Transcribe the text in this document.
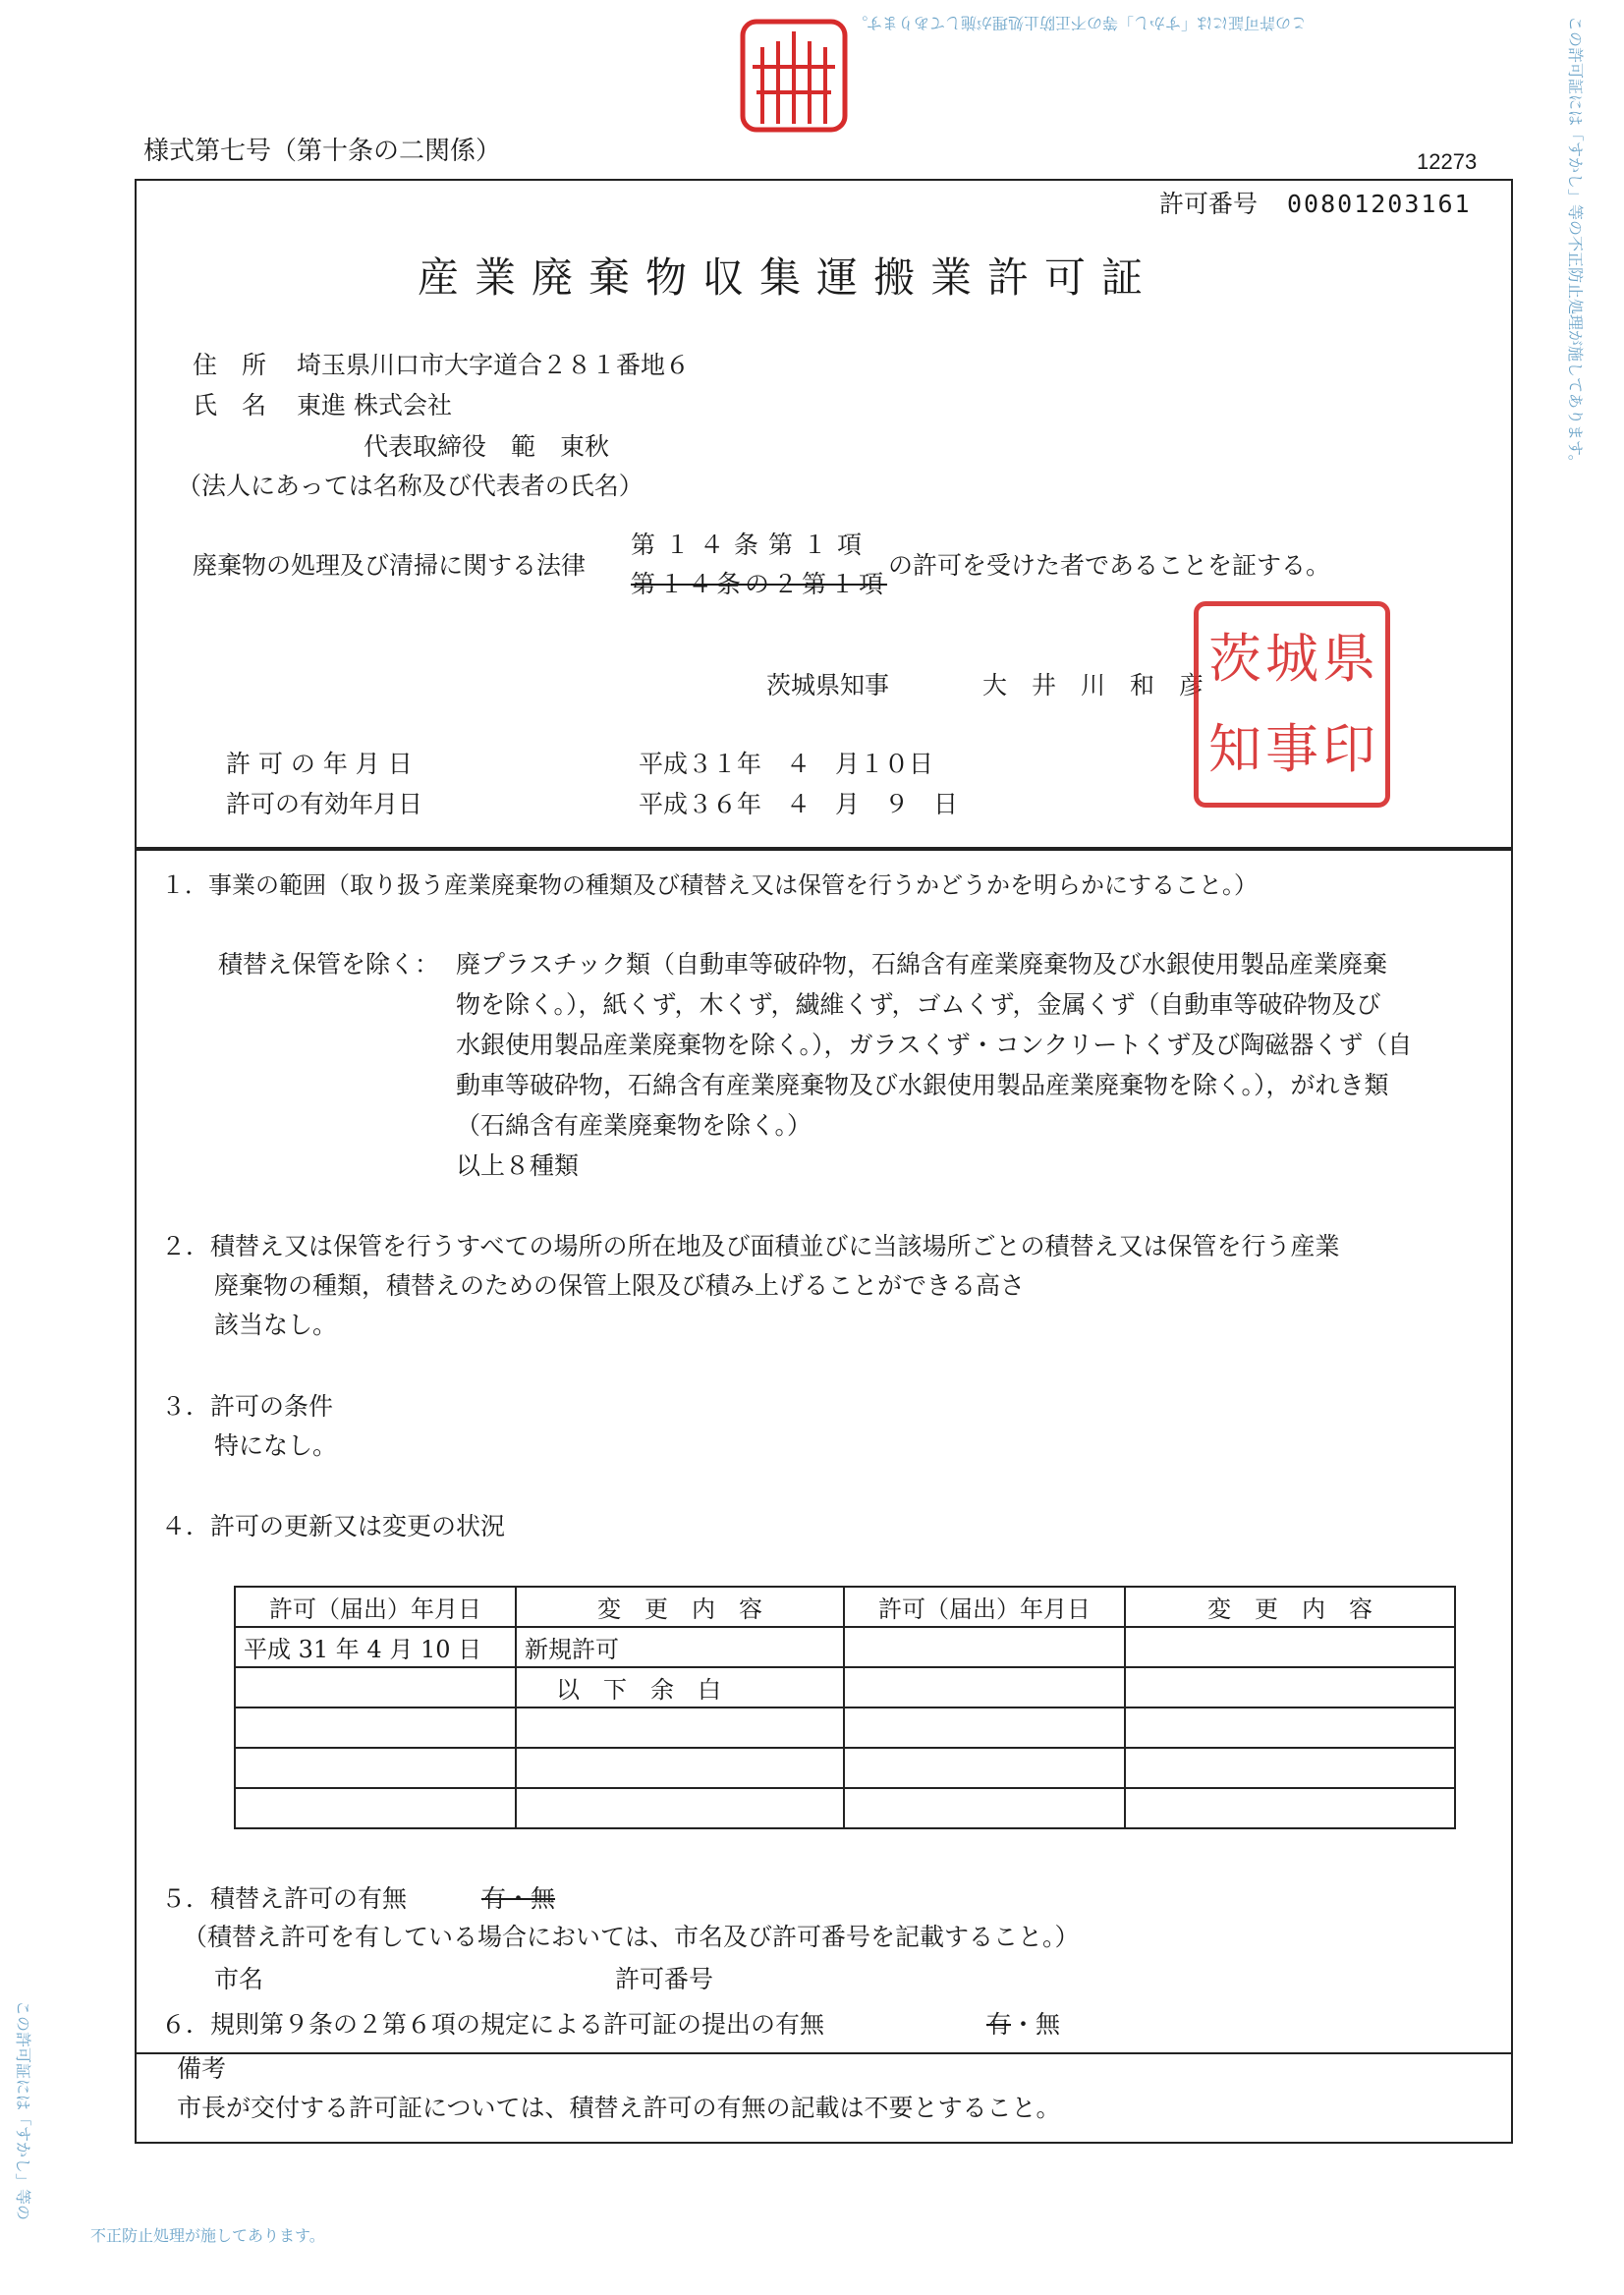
様式第七号（第十条の二関係）	12273
許可番号 00801203161
産業廃棄物収集運搬業許可証
住　所 埼玉県川口市大字道合２８１番地６
氏　名 東進 株式会社
代表取締役　範　東秋
（法人にあっては名称及び代表者の氏名）
廃棄物の処理及び清掃に関する法律
第１４条第１項
第１４条の２第１項
の許可を受けた者であることを証する。
茨城県知事	大　井　川　和　彦 茨 城 県
知 事 印
許 可 の 年 月 日	平成３１年　４　月１０日
許可の有効年月日	平成３６年　４　月　９　日
１．事業の範囲（取り扱う産業廃棄物の種類及び積替え又は保管を行うかどうかを明らかにすること。）
積替え保管を除く： 廃プラスチック類（自動車等破砕物，石綿含有産業廃棄物及び水銀使用製品産業廃棄
物を除く。），紙くず，木くず，繊維くず，ゴムくず，金属くず（自動車等破砕物及び
水銀使用製品産業廃棄物を除く。），ガラスくず・コンクリートくず及び陶磁器くず（自
動車等破砕物，石綿含有産業廃棄物及び水銀使用製品産業廃棄物を除く。），がれき類
（石綿含有産業廃棄物を除く。）
以上８種類
２．積替え又は保管を行うすべての場所の所在地及び面積並びに当該場所ごとの積替え又は保管を行う産業
廃棄物の種類，積替えのための保管上限及び積み上げることができる高さ
該当なし。
３．許可の条件
特になし。
４．許可の更新又は変更の状況
許可（届出）年月日	変　更　内　容	許可（届出）年月日	変　更　内　容
平成 31 年 4 月 10 日	新規許可		
	以　下　余　白		

５．積替え許可の有無	有・無
（積替え許可を有している場合においては、市名及び許可番号を記載すること。）
市名	許可番号
６．規則第９条の２第６項の規定による許可証の提出の有無	有・無
備考
市長が交付する許可証については、積替え許可の有無の記載は不要とすること。
この許可証には「すかし」等の不正防止処理が施してあります。	この許可証には「すかし」等の不正防止処理が施してあります。
この許可証には「すかし」等の
不正防止処理が施してあります。
